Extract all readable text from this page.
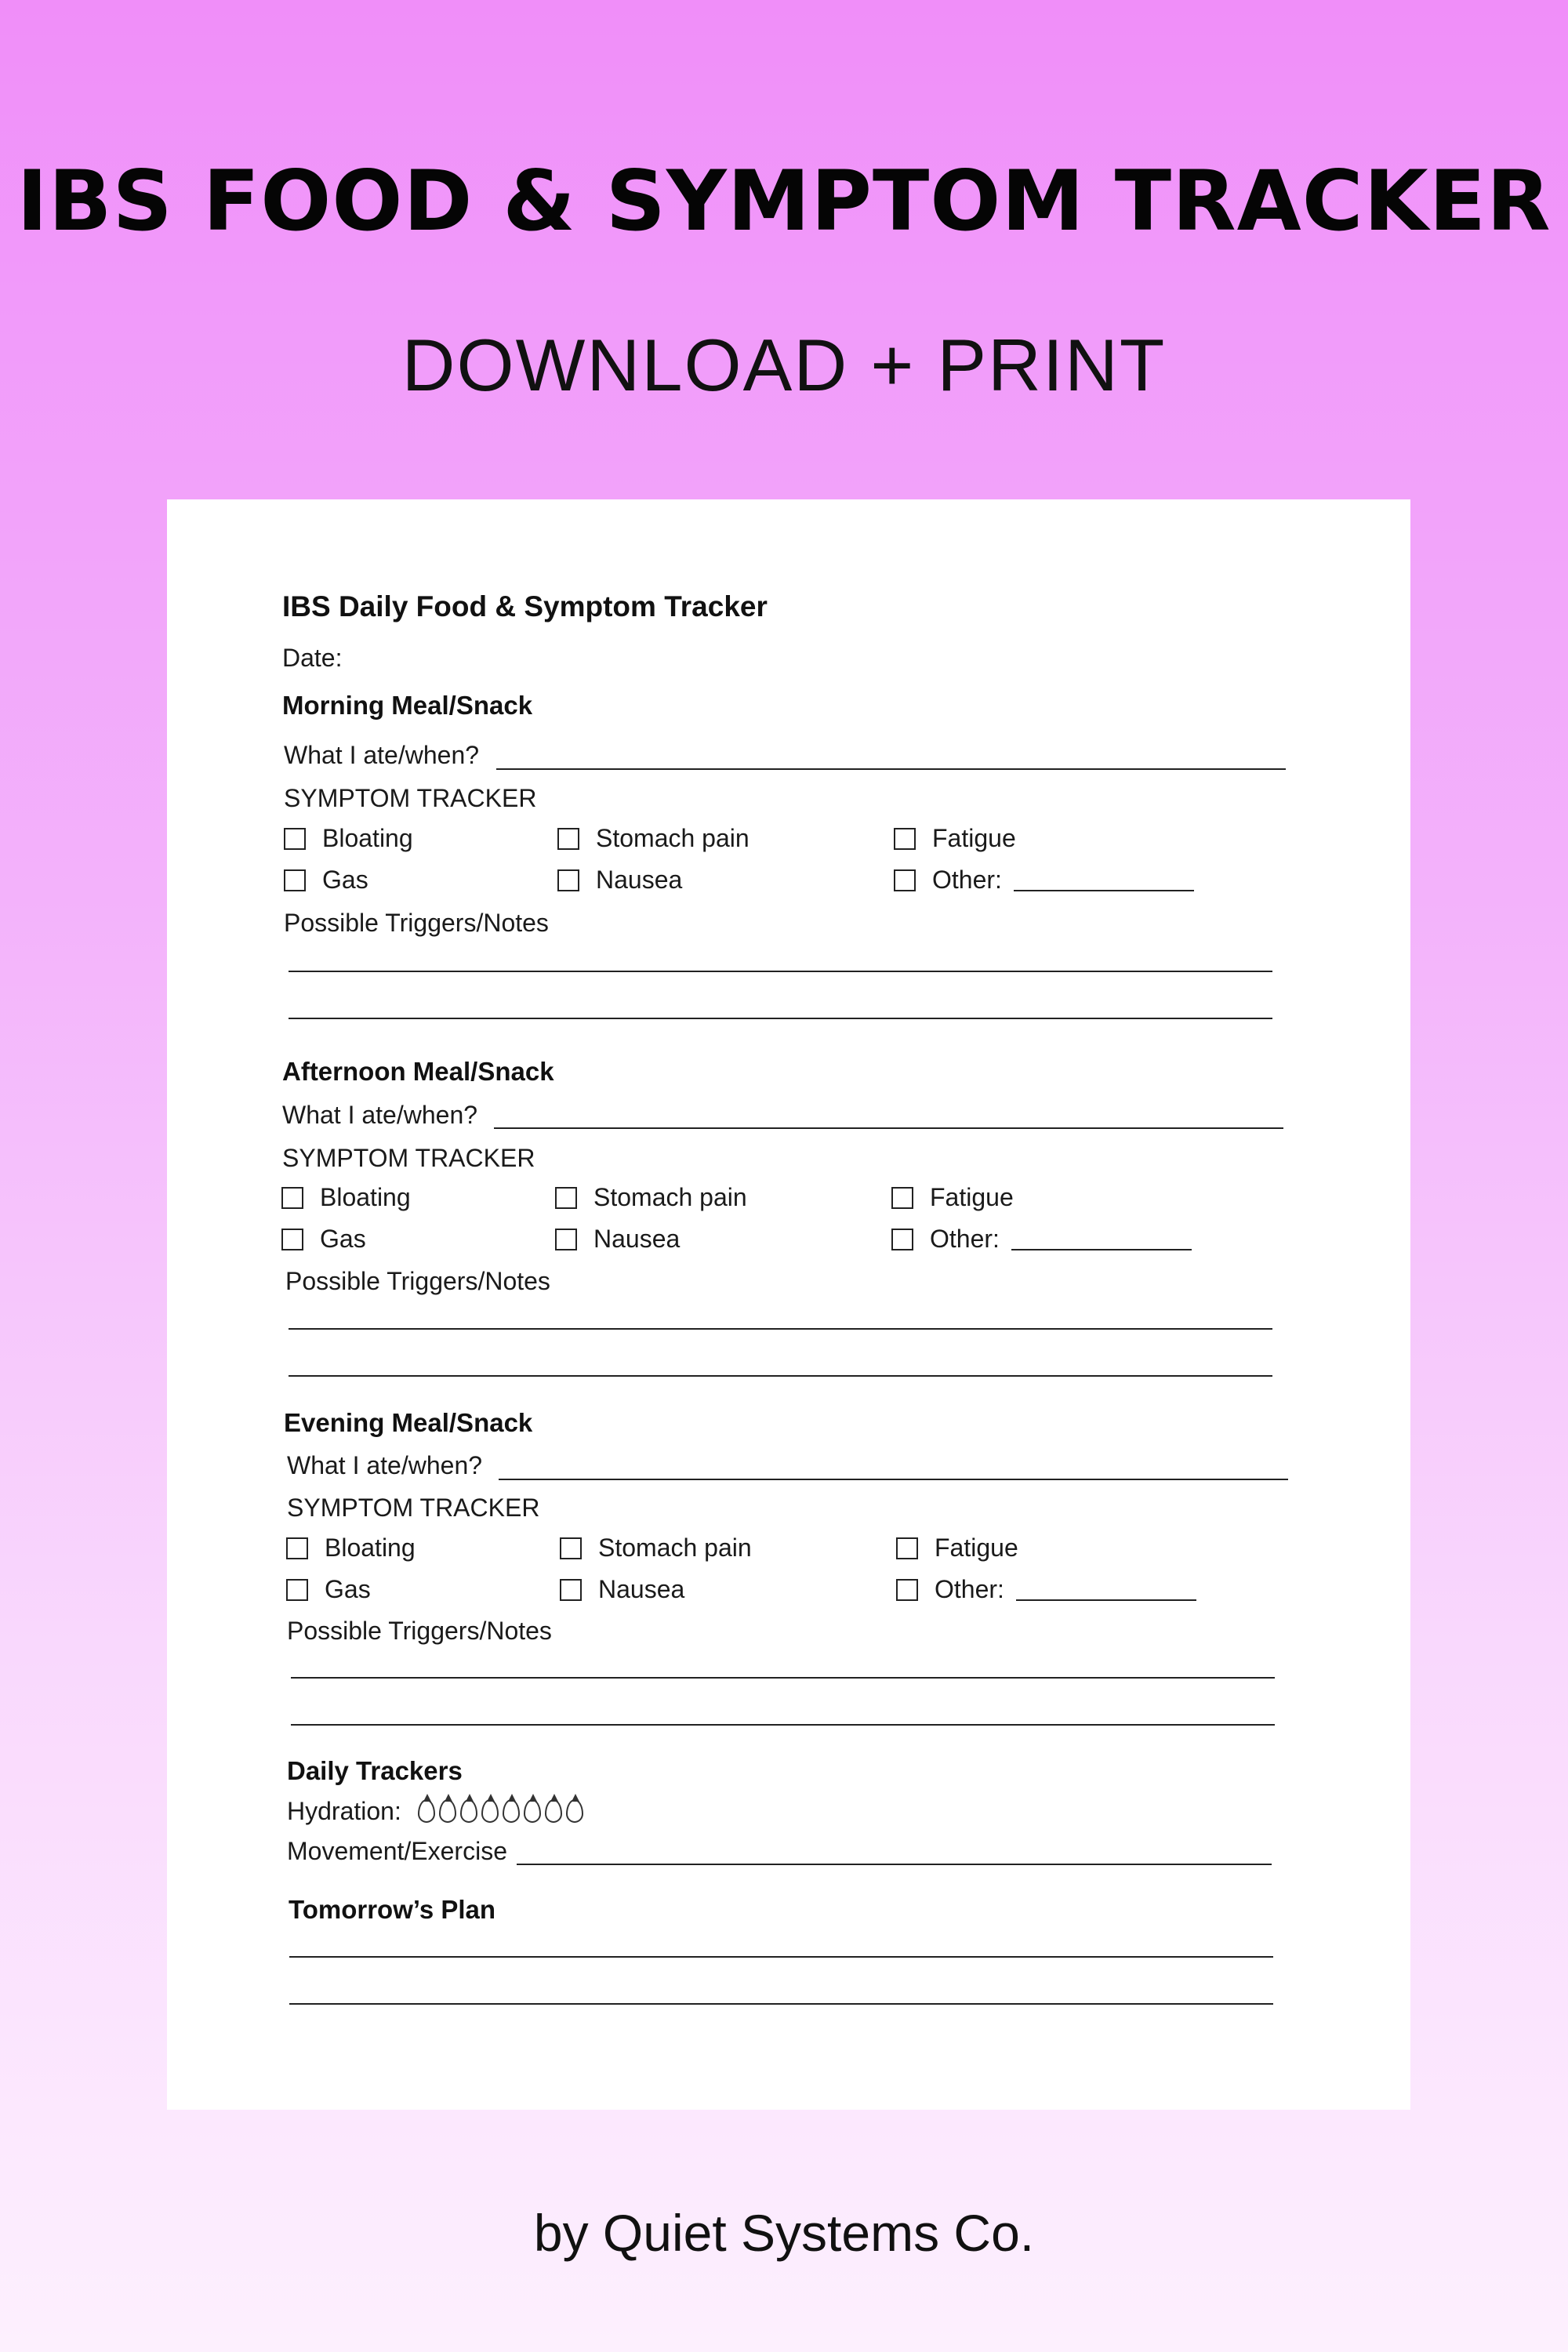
IBS FOOD & SYMPTOM TRACKER
DOWNLOAD + PRINT
IBS Daily Food & Symptom Tracker
Date:
Morning Meal/Snack
What I ate/when?
SYMPTOM TRACKER
Bloating	Stomach pain	Fatigue
Gas	Nausea	Other:
Possible Triggers/Notes
Afternoon Meal/Snack
What I ate/when?
SYMPTOM TRACKER
Bloating	Stomach pain	Fatigue
Gas	Nausea	Other:
Possible Triggers/Notes
Evening Meal/Snack
What I ate/when?
SYMPTOM TRACKER
Bloating	Stomach pain	Fatigue
Gas	Nausea	Other:
Possible Triggers/Notes
Daily Trackers
Hydration:
Movement/Exercise
Tomorrow’s Plan
by Quiet Systems Co.
